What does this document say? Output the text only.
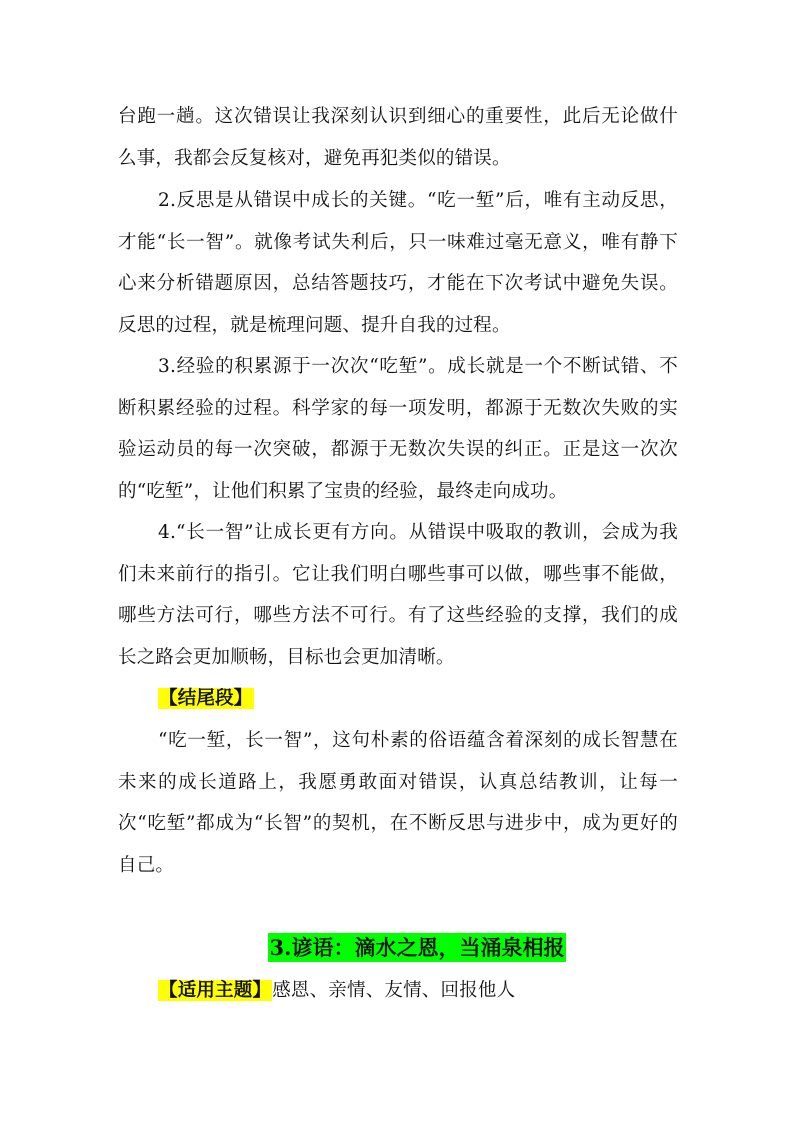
台跑一趟。这次错误让我深刻认识到细心的重要性，此后无论做什么事，我都会反复核对，避免再犯类似的错误。

2.反思是从错误中成长的关键。“吃一堑”后，唯有主动反思，才能“长一智”。就像考试失利后，只一味难过毫无意义，唯有静下心来分析错题原因，总结答题技巧，才能在下次考试中避免失误。反思的过程，就是梳理问题、提升自我的过程。

3.经验的积累源于一次次“吃堑”。成长就是一个不断试错、不断积累经验的过程。科学家的每一项发明，都源于无数次失败的实验运动员的每一次突破，都源于无数次失误的纠正。正是这一次次的“吃堑”，让他们积累了宝贵的经验，最终走向成功。

4.“长一智”让成长更有方向。从错误中吸取的教训，会成为我们未来前行的指引。它让我们明白哪些事可以做，哪些事不能做，哪些方法可行，哪些方法不可行。有了这些经验的支撑，我们的成长之路会更加顺畅，目标也会更加清晰。

【结尾段】

“吃一堑，长一智”，这句朴素的俗语蕴含着深刻的成长智慧在未来的成长道路上，我愿勇敢面对错误，认真总结教训，让每一次“吃堑”都成为“长智”的契机，在不断反思与进步中，成为更好的自己。

3.谚语：滴水之恩，当涌泉相报

【适用主题】感恩、亲情、友情、回报他人
